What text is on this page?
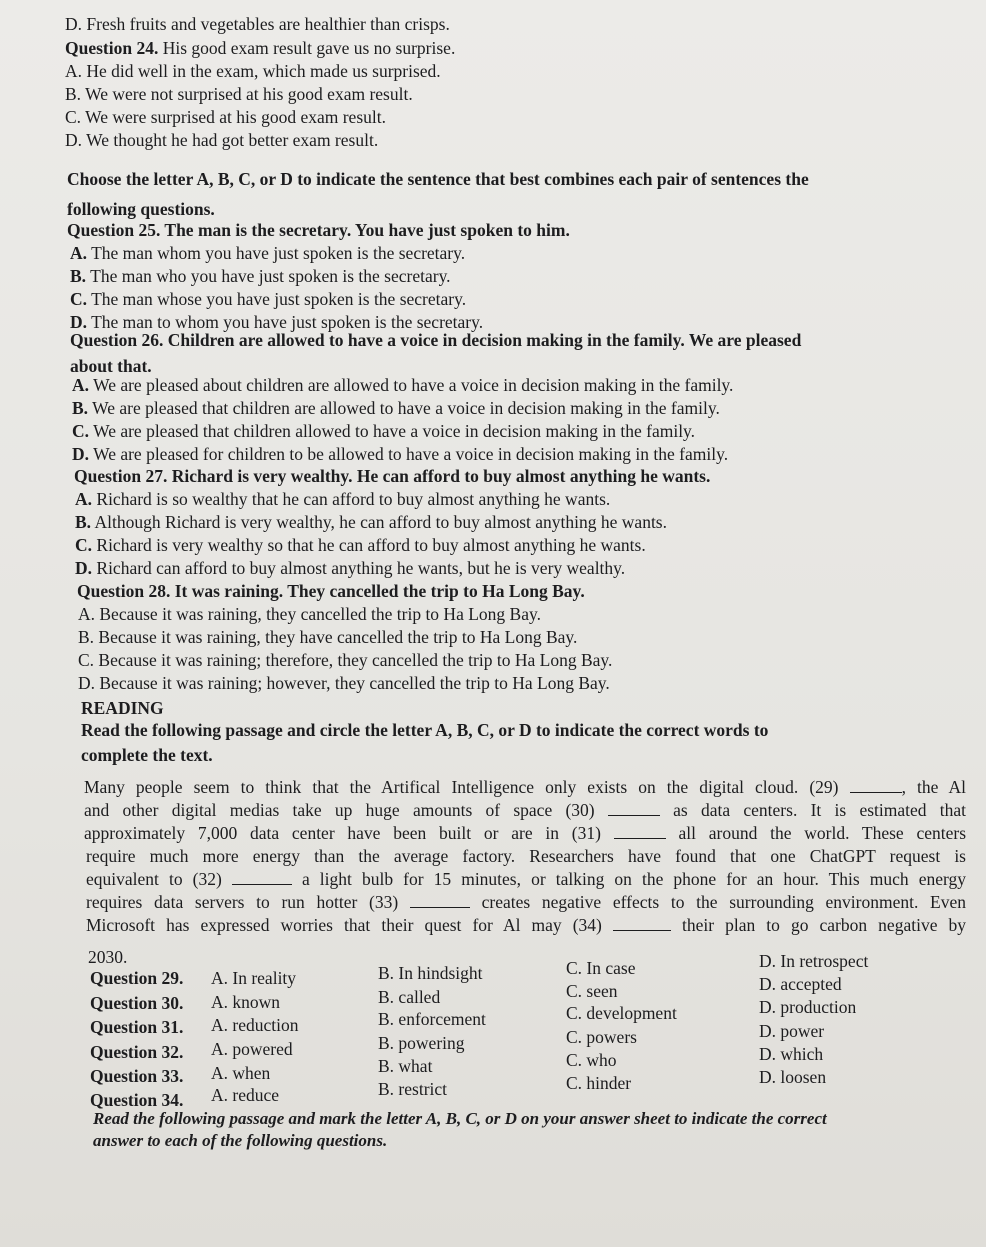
D. Fresh fruits and vegetables are healthier than crisps.

Question 24. His good exam result gave us no surprise.

A. He did well in the exam, which made us surprised.

B. We were not surprised at his good exam result.

C. We were surprised at his good exam result.

D. We thought he had got better exam result.

Choose the letter A, B, C, or D to indicate the sentence that best combines each pair of sentences the

following questions.

Question 25. The man is the secretary. You have just spoken to him.

A. The man whom you have just spoken is the secretary.

B. The man who you have just spoken is the secretary.

C. The man whose you have just spoken is the secretary.

D. The man to whom you have just spoken is the secretary.

Question 26. Children are allowed to have a voice in decision making in the family. We are pleased

about that.

A. We are pleased about children are allowed to have a voice in decision making in the family.

B. We are pleased that children are allowed to have a voice in decision making in the family.

C. We are pleased that children allowed to have a voice in decision making in the family.

D. We are pleased for children to be allowed to have a voice in decision making in the family.

Question 27. Richard is very wealthy. He can afford to buy almost anything he wants.

A. Richard is so wealthy that he can afford to buy almost anything he wants.

B. Although Richard is very wealthy, he can afford to buy almost anything he wants.

C. Richard is very wealthy so that he can afford to buy almost anything he wants.

D. Richard can afford to buy almost anything he wants, but he is very wealthy.

Question 28. It was raining. They cancelled the trip to Ha Long Bay.

A. Because it was raining, they cancelled the trip to Ha Long Bay.

B. Because it was raining, they have cancelled the trip to Ha Long Bay.

C. Because it was raining; therefore, they cancelled the trip to Ha Long Bay.

D. Because it was raining; however, they cancelled the trip to Ha Long Bay.

READING

Read the following passage and circle the letter A, B, C, or D to indicate the correct words to

complete the text.

Many people seem to think that the Artifical Intelligence only exists on the digital cloud. (29)	, the Al

and other digital medias take up huge amounts of space (30)	as data centers. It is estimated that

approximately 7,000 data center have been built or are in (31)	all around the world. These centers

require much more energy than the average factory. Researchers have found that one ChatGPT request is

equivalent to (32)	a light bulb for 15 minutes, or talking on the phone for an hour. This much energy

requires data servers to run hotter (33)	creates negative effects to the surrounding environment. Even

Microsoft has expressed worries that their quest for Al may (34)	their plan to go carbon negative by

2030.

Question 29. A. In reality	B. In hindsight	C. In case	D. In retrospect
Question 30. A. known	B. called	C. seen	D. accepted
Question 31. A. reduction	B. enforcement	C. development	D. production
Question 32. A. powered	B. powering	C. powers	D. power
Question 33. A. when	B. what	C. who	D. which
Question 34. A. reduce	B. restrict	C. hinder	D. loosen

Read the following passage and mark the letter A, B, C, or D on your answer sheet to indicate the correct

answer to each of the following questions.
